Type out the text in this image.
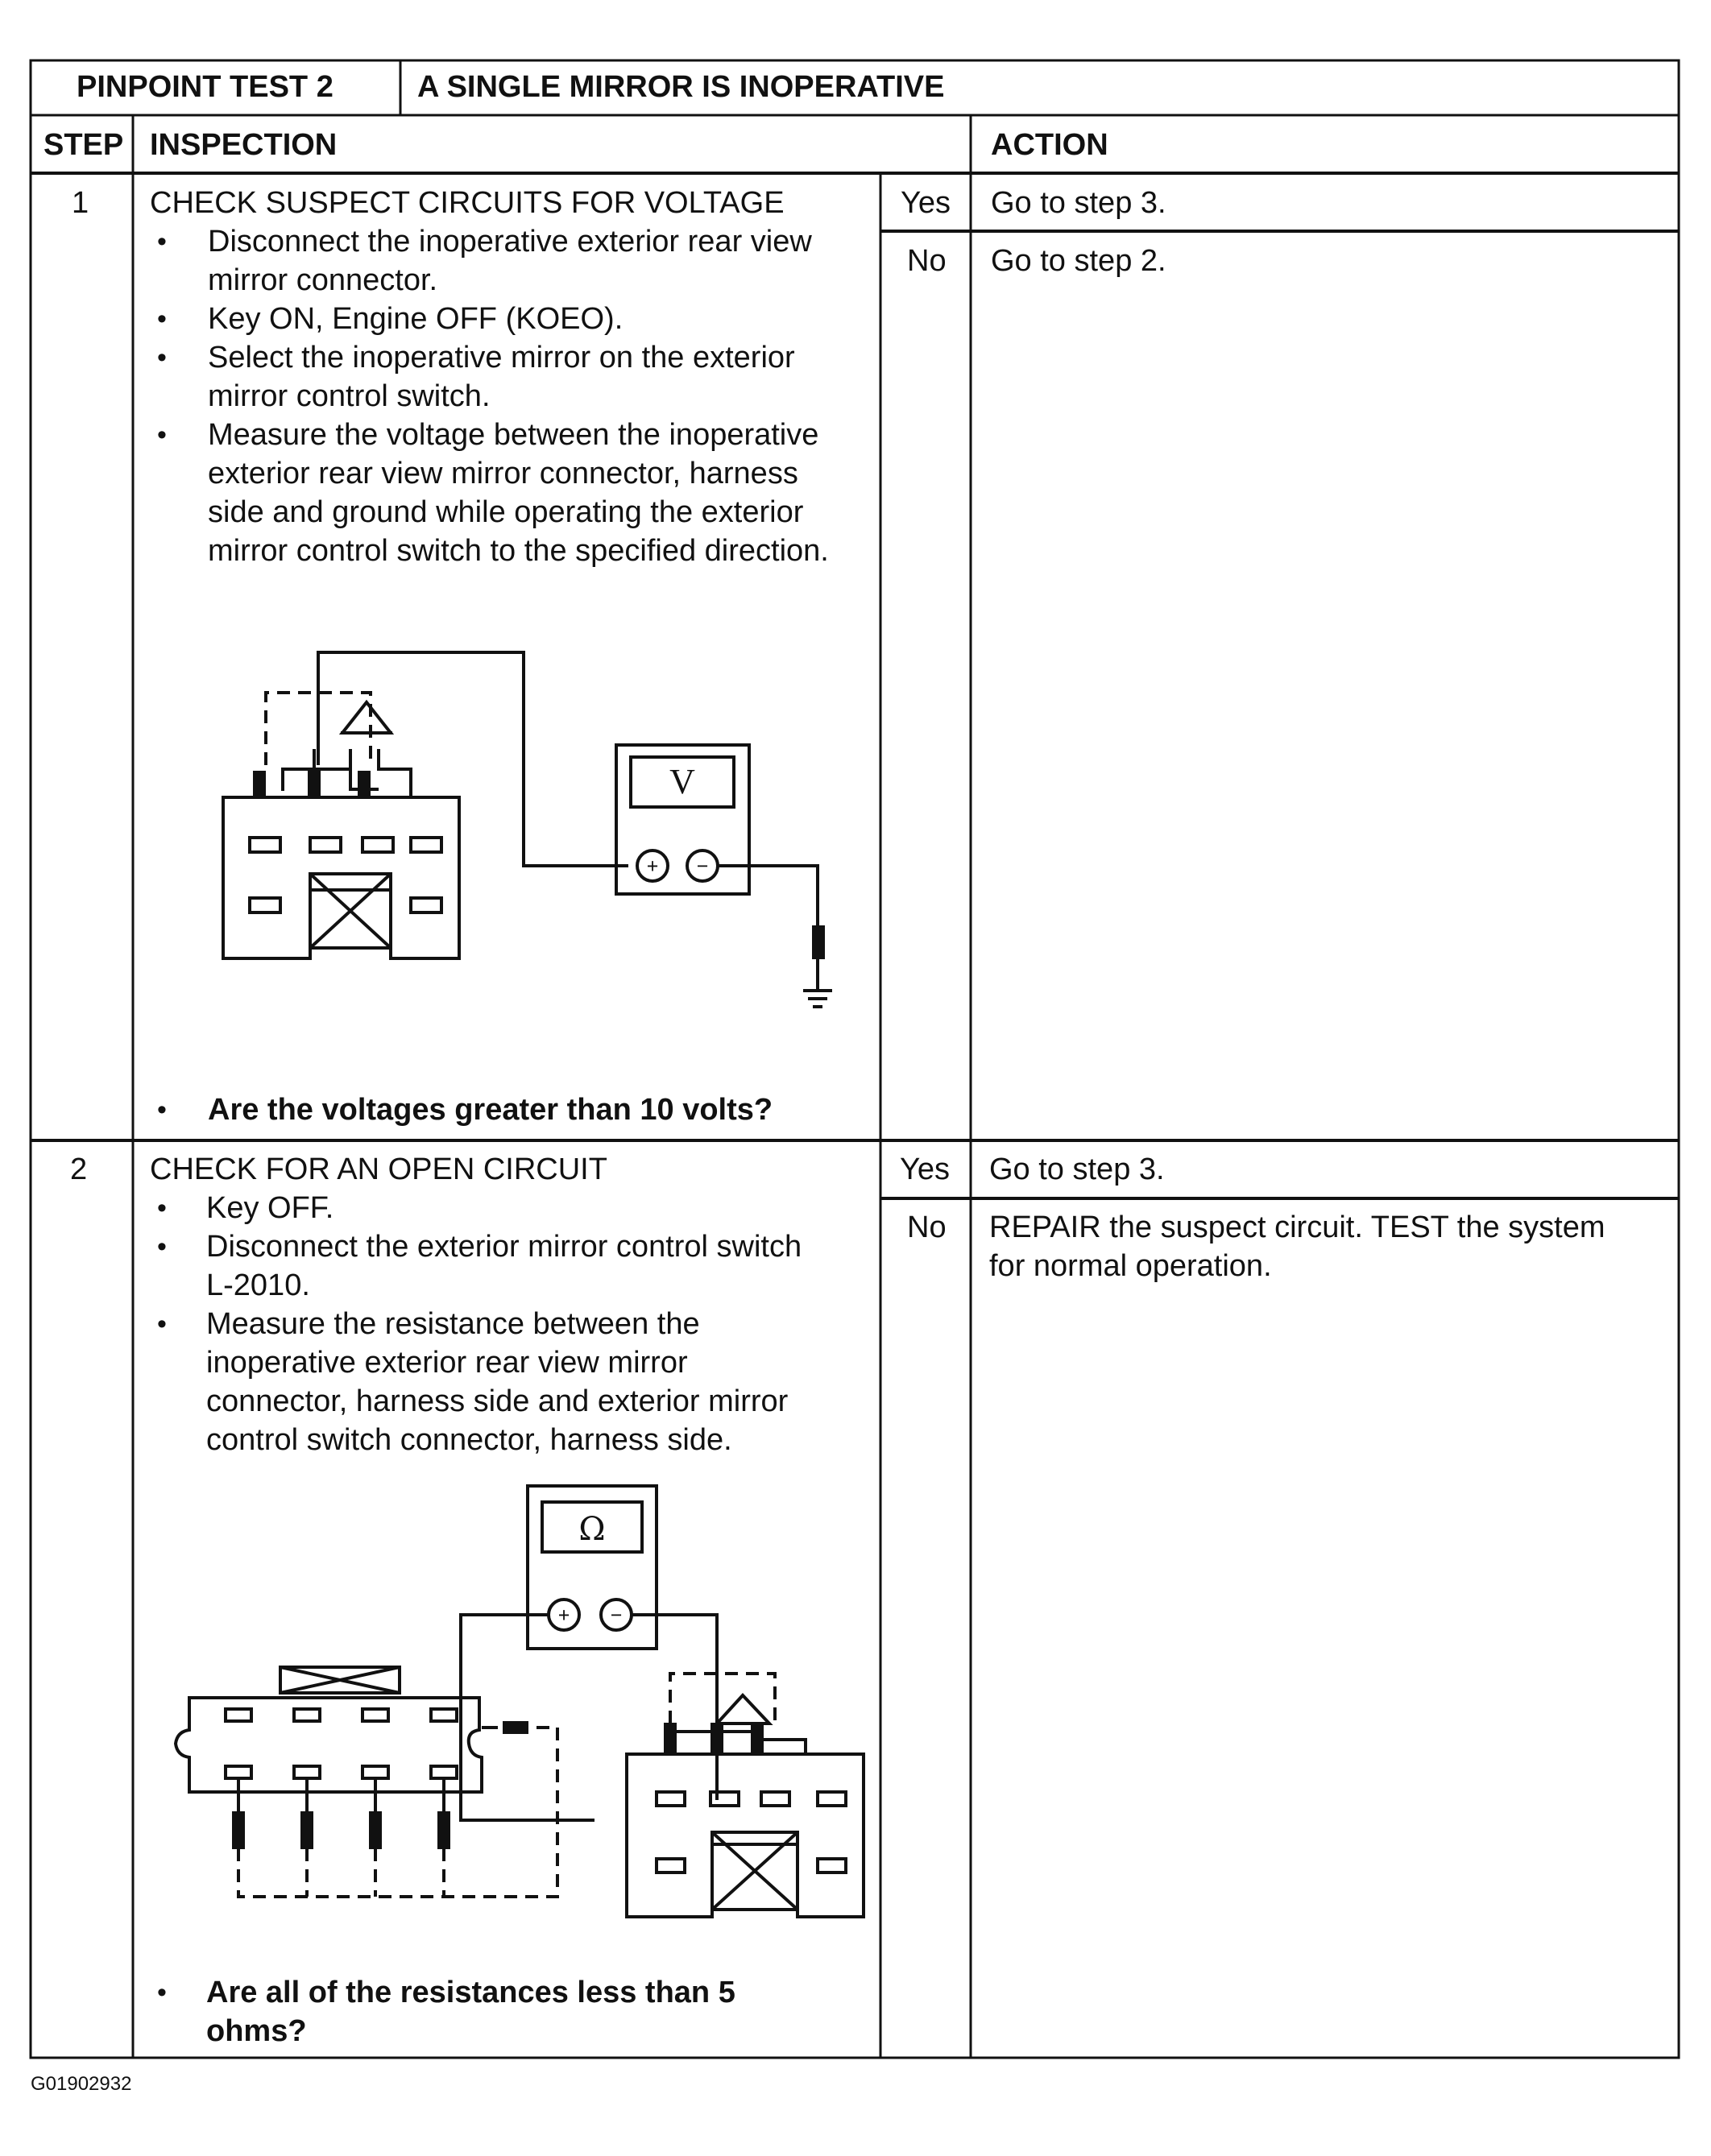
PINPOINT TEST 2	A SINGLE MIRROR IS INOPERATIVE
STEP INSPECTION	ACTION
1 CHECK SUSPECT CIRCUITS FOR VOLTAGE
• Disconnect the inoperative exterior rear view
mirror connector.
• Key ON, Engine OFF (KOEO).
• Select the inoperative mirror on the exterior
mirror control switch.
• Measure the voltage between the inoperative
exterior rear view mirror connector, harness
side and ground while operating the exterior
mirror control switch to the specified direction.
+ −
V
• Are the voltages greater than 10 volts?
Yes Go to step 3.
No Go to step 2.
2 CHECK FOR AN OPEN CIRCUIT
• Key OFF.
• Disconnect the exterior mirror control switch
L-2010.
• Measure the resistance between the
inoperative exterior rear view mirror
connector, harness side and exterior mirror
control switch connector, harness side.
+ −
Ω
• Are all of the resistances less than 5
ohms?
Yes Go to step 3.
No REPAIR the suspect circuit. TEST the system
for normal operation.
G01902932
